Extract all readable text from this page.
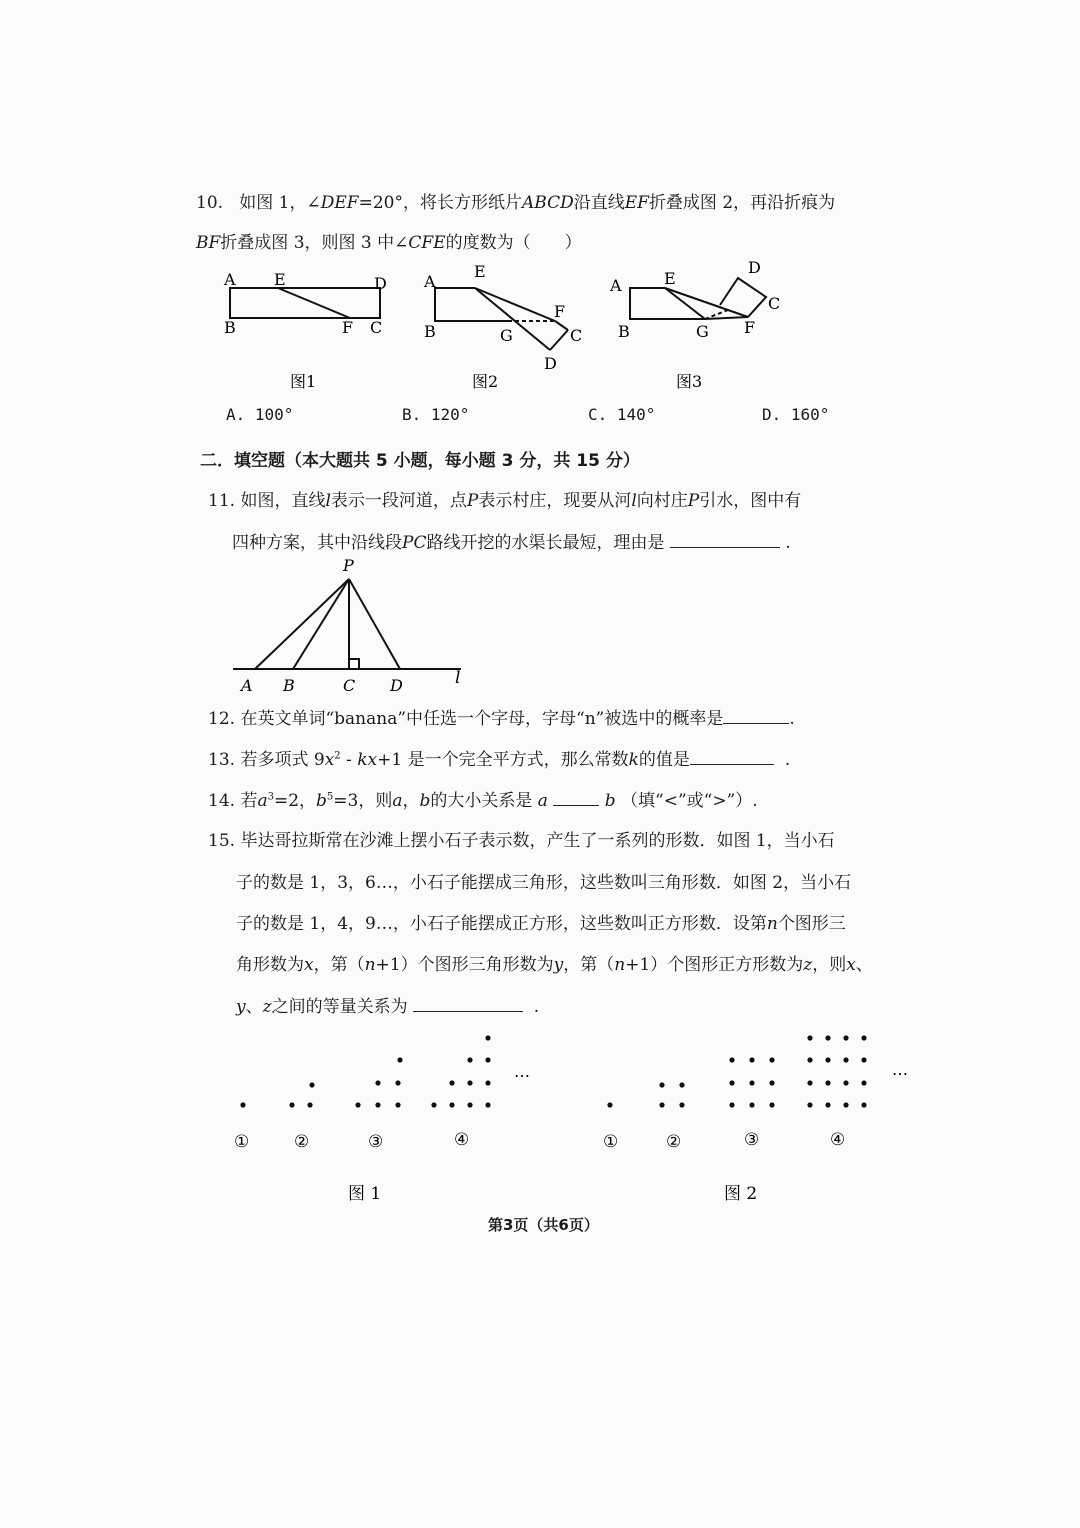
10. 如图 1，∠DEF=20°，将长方形纸片ABCD沿直线EF折叠成图 2，再沿折痕为
BF折叠成图 3，则图 3 中∠CFE的度数为（　　）
A E	D
B	F C
A
E
B	G
F
C
D
A	E
D
C
B	G F
图1	图2	图3
A. 100°	B. 120°	C. 140°	D. 160°
二．填空题（本大题共 5 小题，每小题 3 分，共 15 分）
11. 如图，直线l表示一段河道，点P表示村庄，现要从河l向村庄P引水，图中有
四种方案，其中沿线段PC路线开挖的水渠长最短，理由是	.
P
A B	C D	l
12. 在英文单词“banana”中任选一个字母，字母“n”被选中的概率是	.
13. 若多项式 $9x^2 - kx+1$ 是一个完全平方式，那么常数k的值是	.
14. 若$a^3=2$，$b^5=3$，则a，b的大小关系是 a	b （填“<”或“>”）.
15. 毕达哥拉斯常在沙滩上摆小石子表示数，产生了一系列的形数．如图 1，当小石
子的数是 1，3，6…，小石子能摆成三角形，这些数叫三角形数．如图 2，当小石
子的数是 1，4，9…，小石子能摆成正方形，这些数叫正方形数．设第n个图形三
角形数为x，第（n+1）个图形三角形数为y，第（n+1）个图形正方形数为z，则x、
y、z之间的等量关系为	.
…	…
①	②	③	④	①	②	③	④
图 1	图 2
第3页（共6页）
